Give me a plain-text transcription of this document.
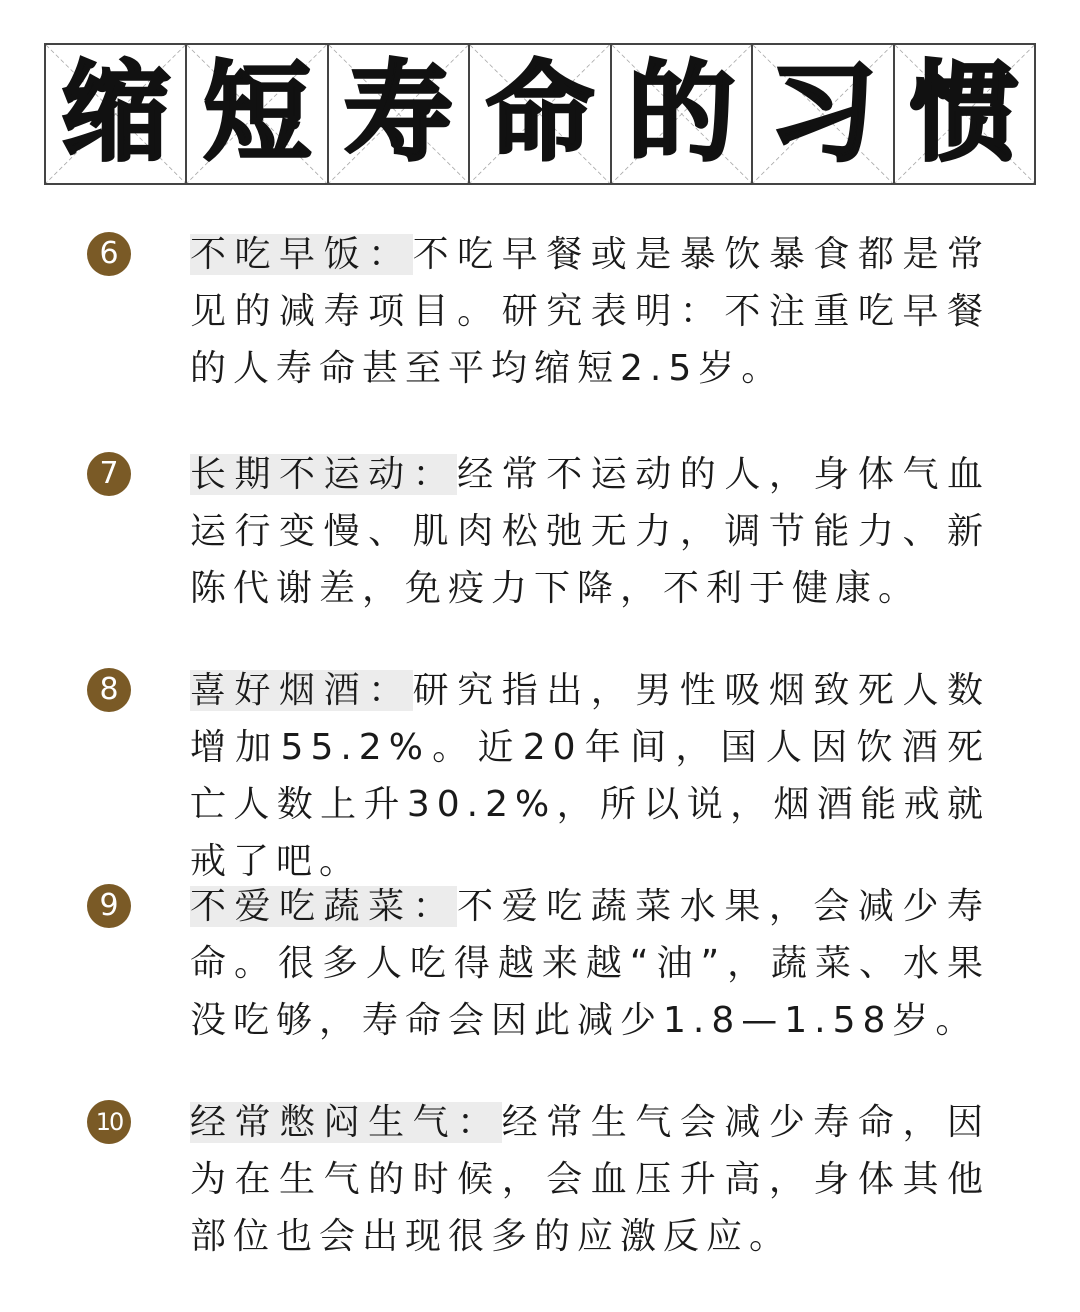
缩 短 寿 命 的 习 惯
6	不吃早饭：不吃早餐或是暴饮暴食都是常见的减寿项目。研究表明：不注重吃早餐的人寿命甚至平均缩短2.5岁。
7	长期不运动：经常不运动的人，身体气血运行变慢、肌肉松弛无力，调节能力、新陈代谢差，免疫力下降，不利于健康。
8	喜好烟酒：研究指出，男性吸烟致死人数增加55.2%。近20年间，国人因饮酒死亡人数上升30.2%，所以说，烟酒能戒就戒了吧。
9	不爱吃蔬菜：不爱吃蔬菜水果，会减少寿命。很多人吃得越来越“油”，蔬菜、水果没吃够，寿命会因此减少1.8—1.58岁。
10 经常憋闷生气：经常生气会减少寿命，因为在生气的时候，会血压升高，身体其他部位也会出现很多的应激反应。
